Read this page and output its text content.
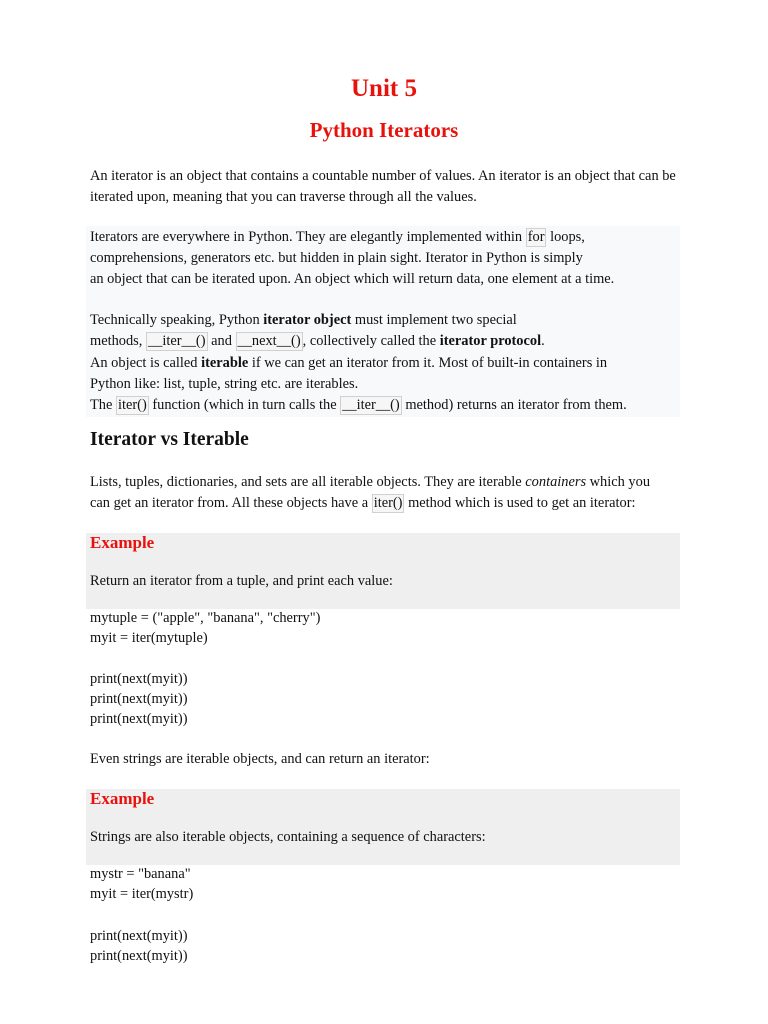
Unit 5
Python Iterators

An iterator is an object that contains a countable number of values. An iterator is an object that can be iterated upon, meaning that you can traverse through all the values.

Iterators are everywhere in Python. They are elegantly implemented within for loops,
comprehensions, generators etc. but hidden in plain sight. Iterator in Python is simply
an object that can be iterated upon. An object which will return data, one element at a time.

Technically speaking, Python iterator object must implement two special
methods, __iter__() and __next__() , collectively called the iterator protocol.
An object is called iterable if we can get an iterator from it. Most of built-in containers in
Python like: list, tuple, string etc. are iterables.
The iter() function (which in turn calls the __iter__() method) returns an iterator from them.

Iterator vs Iterable

Lists, tuples, dictionaries, and sets are all iterable objects. They are iterable containers which you
can get an iterator from. All these objects have a iter() method which is used to get an iterator:

Example

Return an iterator from a tuple, and print each value:

mytuple = ("apple", "banana", "cherry")
myit = iter(mytuple)
print(next(myit))
print(next(myit))
print(next(myit))

Even strings are iterable objects, and can return an iterator:

Example

Strings are also iterable objects, containing a sequence of characters:

mystr = "banana"
myit = iter(mystr)
print(next(myit))
print(next(myit))
